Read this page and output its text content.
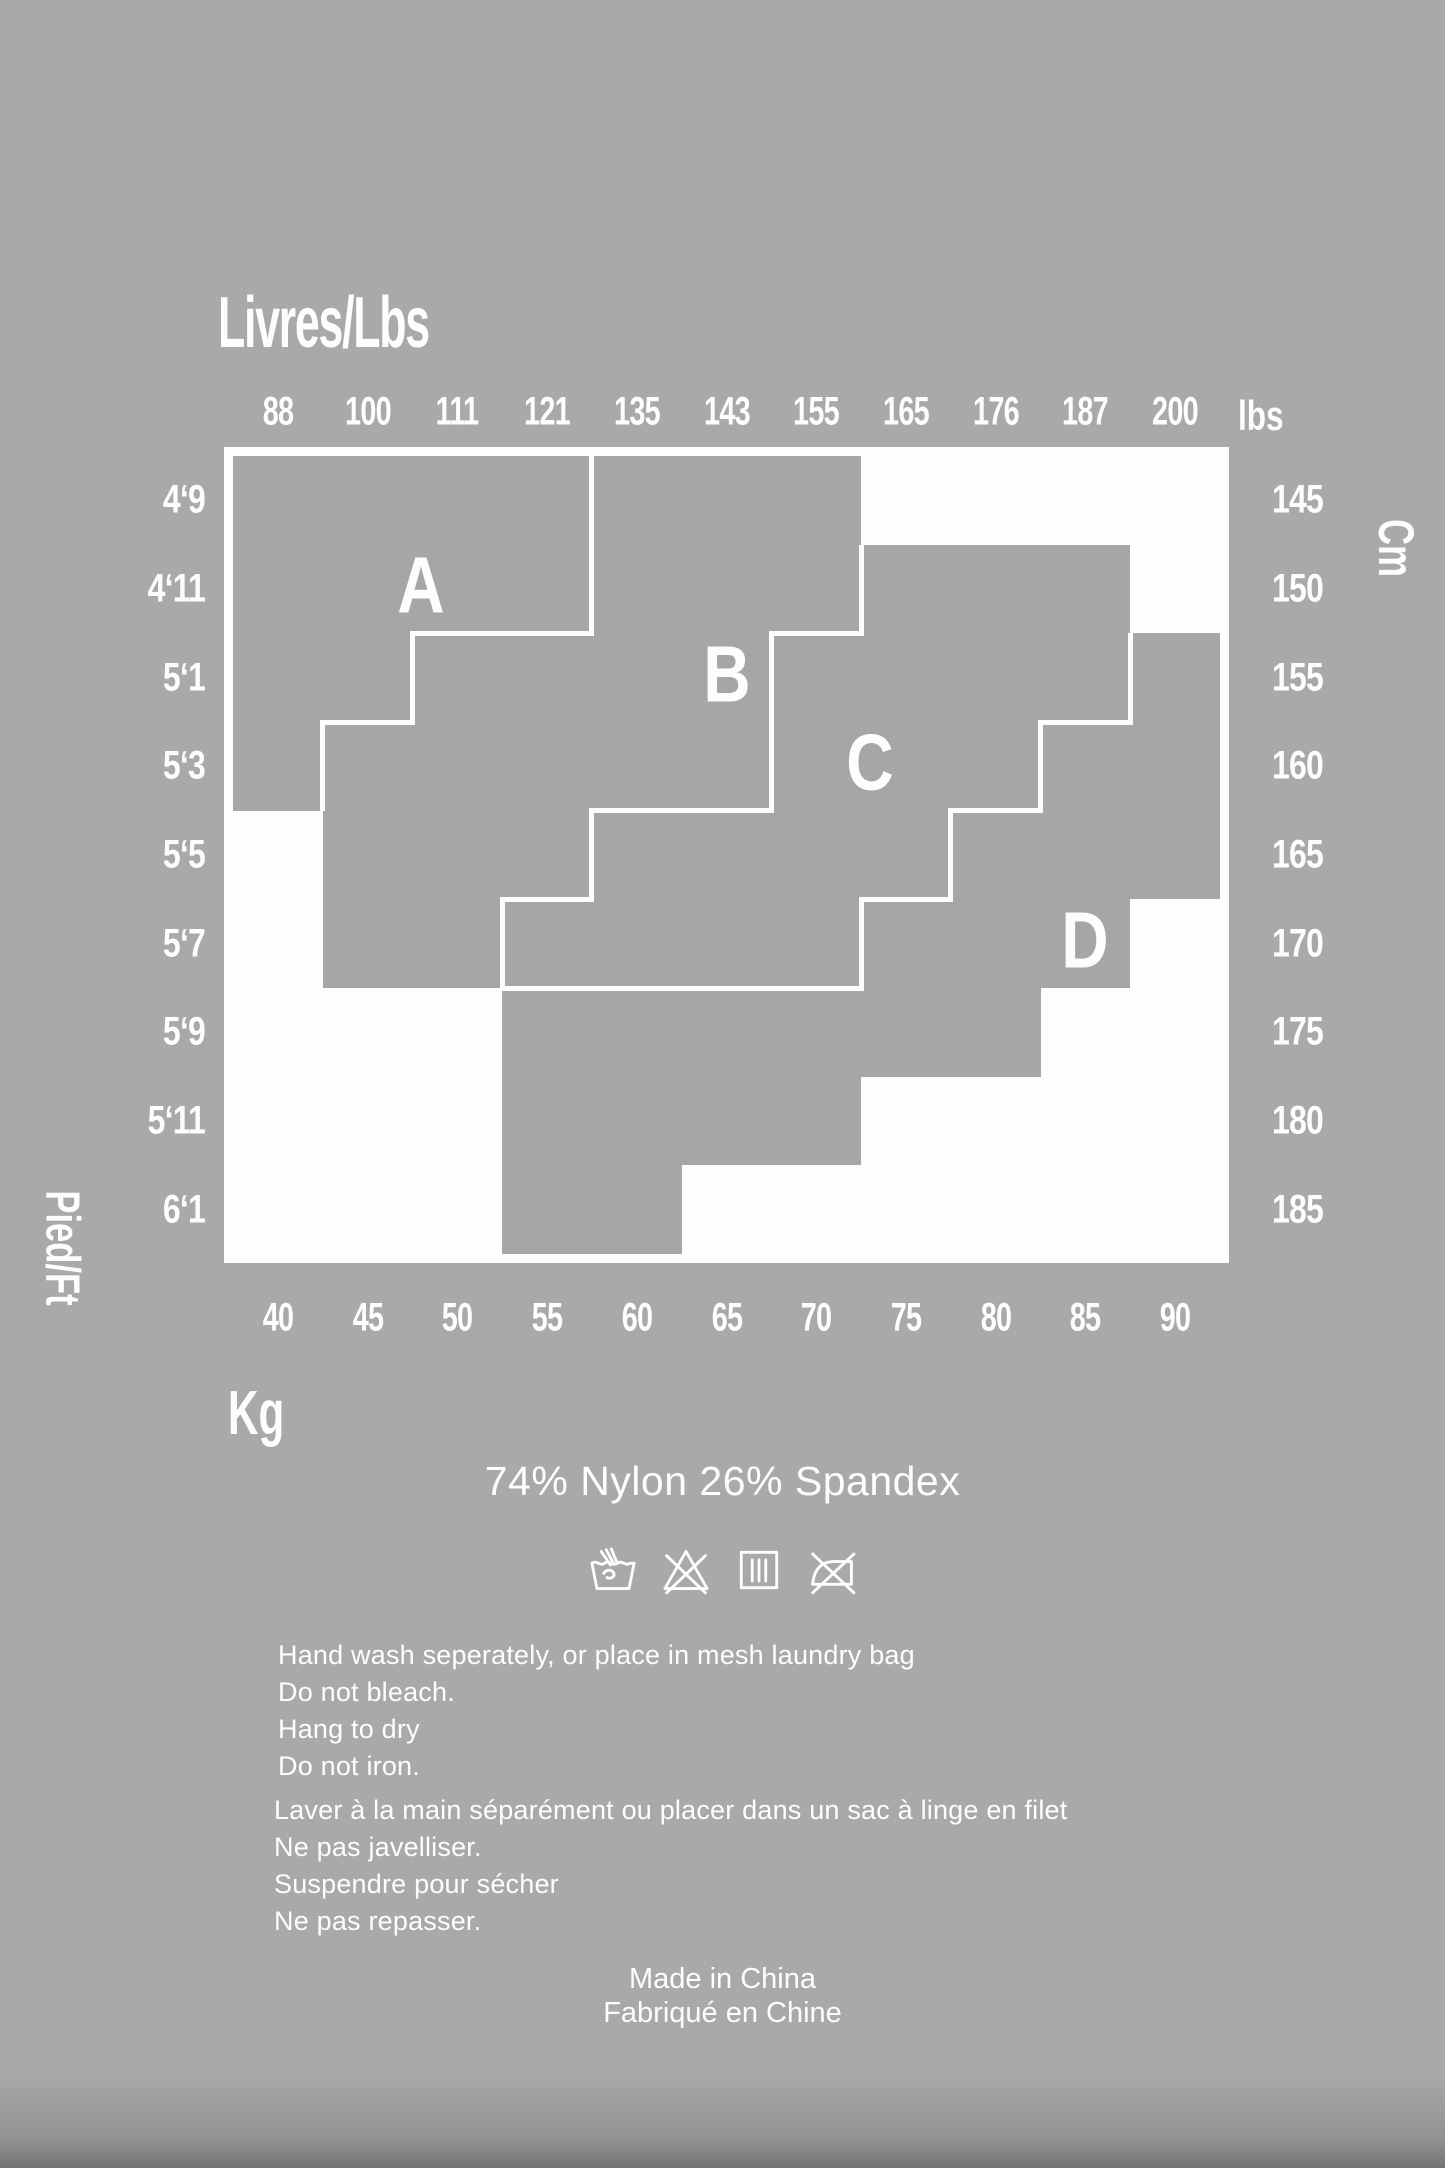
Livres/Lbs
88 100 111 121 135 143 155 165 176 187 200 lbs
A
B
C
D
4‘9
4‘11
5‘1
5‘3
5‘5
5‘7
5‘9
5‘11
6‘1
Pied/Ft
145
150
155
160
165
170
175
180
185
Cm
40 45 50 55 60 65 70 75 80 85 90
Kg
74% Nylon 26% Spandex
Hand wash seperately, or place in mesh laundry bag
Do not bleach.
Hang to dry
Do not iron.
Laver à la main séparément ou placer dans un sac à linge en filet
Ne pas javelliser.
Suspendre pour sécher
Ne pas repasser.
Made in China
Fabriqué en Chine
